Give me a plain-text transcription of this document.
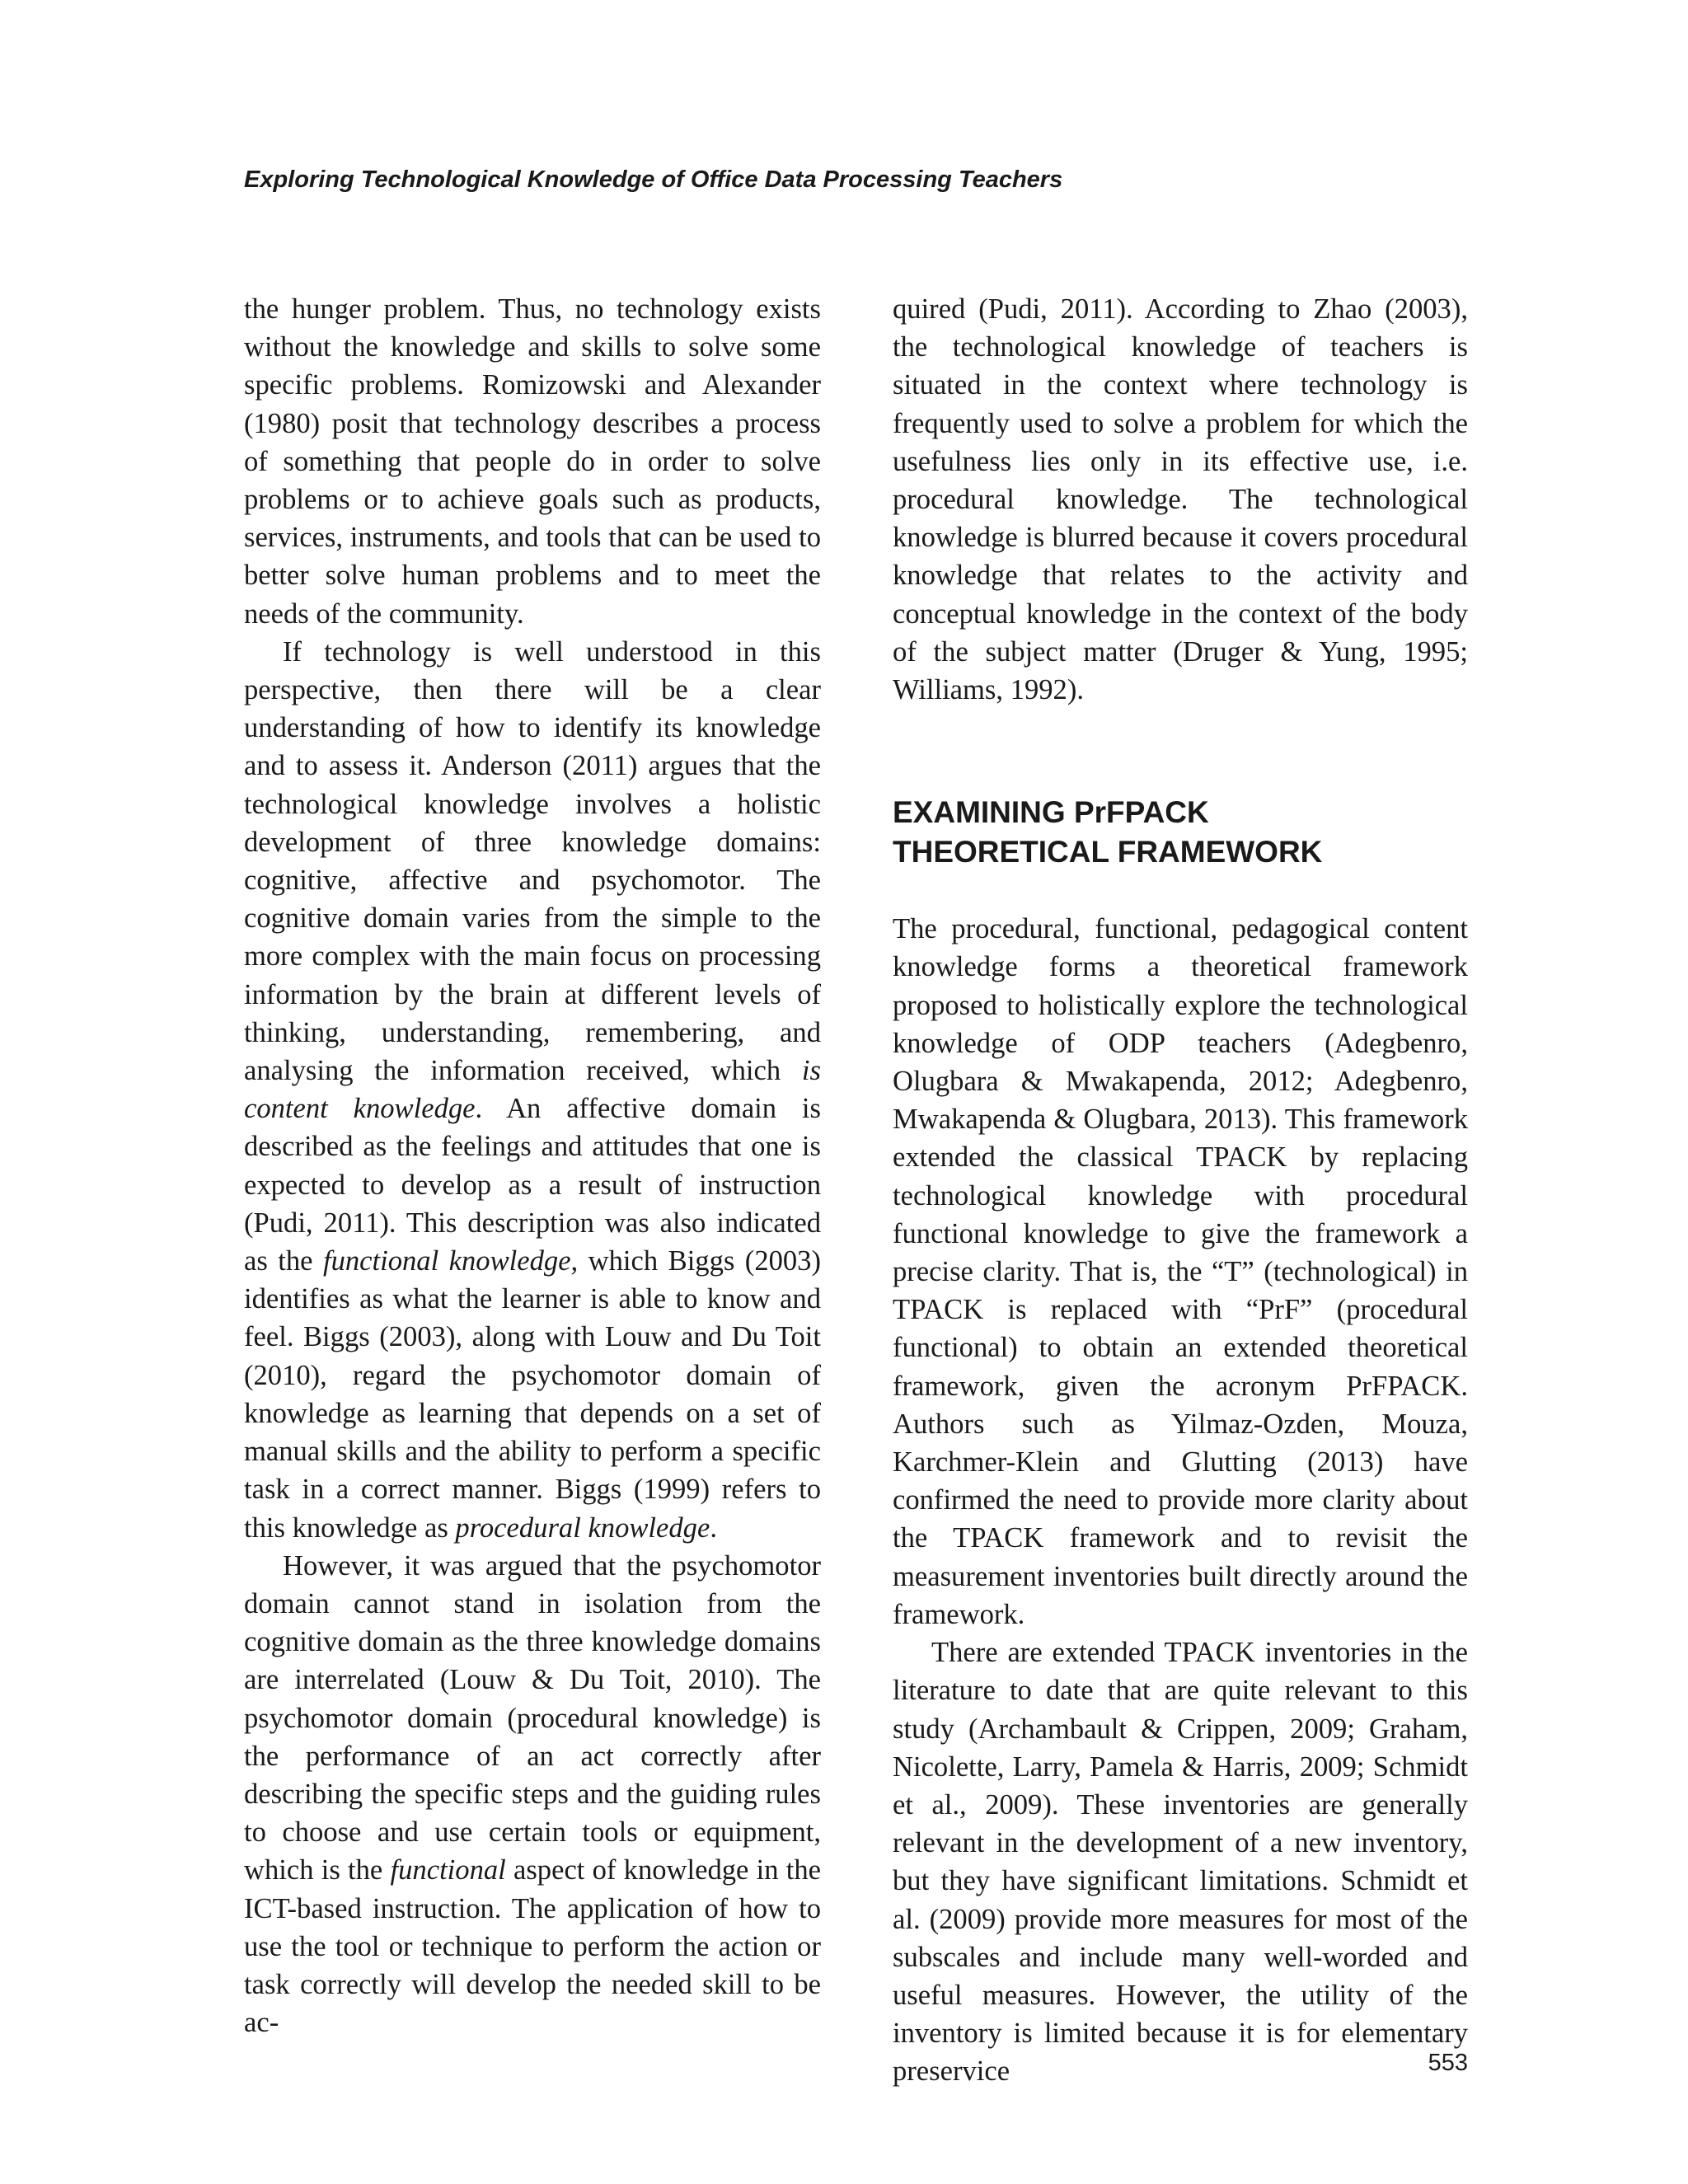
Exploring Technological Knowledge of Office Data Processing Teachers

the hunger problem. Thus, no technology exists without the knowledge and skills to solve some specific problems. Romizowski and Alexander (1980) posit that technology describes a process of something that people do in order to solve problems or to achieve goals such as products, services, instruments, and tools that can be used to better solve human problems and to meet the needs of the community.

If technology is well understood in this perspective, then there will be a clear understanding of how to identify its knowledge and to assess it. Anderson (2011) argues that the technological knowledge involves a holistic development of three knowledge domains: cognitive, affective and psychomotor. The cognitive domain varies from the simple to the more complex with the main focus on processing information by the brain at different levels of thinking, understanding, remembering, and analysing the information received, which is content knowledge. An affective domain is described as the feelings and attitudes that one is expected to develop as a result of instruction (Pudi, 2011). This description was also indicated as the functional knowledge, which Biggs (2003) identifies as what the learner is able to know and feel. Biggs (2003), along with Louw and Du Toit (2010), regard the psychomotor domain of knowledge as learning that depends on a set of manual skills and the ability to perform a specific task in a correct manner. Biggs (1999) refers to this knowledge as procedural knowledge.

However, it was argued that the psychomotor domain cannot stand in isolation from the cognitive domain as the three knowledge domains are interrelated (Louw & Du Toit, 2010). The psychomotor domain (procedural knowledge) is the performance of an act correctly after describing the specific steps and the guiding rules to choose and use certain tools or equipment, which is the functional aspect of knowledge in the ICT-based instruction. The application of how to use the tool or technique to perform the action or task correctly will develop the needed skill to be ac-

quired (Pudi, 2011). According to Zhao (2003), the technological knowledge of teachers is situated in the context where technology is frequently used to solve a problem for which the usefulness lies only in its effective use, i.e. procedural knowledge. The technological knowledge is blurred because it covers procedural knowledge that relates to the activity and conceptual knowledge in the context of the body of the subject matter (Druger & Yung, 1995; Williams, 1992).

EXAMINING PrFPACK
THEORETICAL FRAMEWORK

The procedural, functional, pedagogical content knowledge forms a theoretical framework proposed to holistically explore the technological knowledge of ODP teachers (Adegbenro, Olugbara & Mwakapenda, 2012; Adegbenro, Mwakapenda & Olugbara, 2013). This framework extended the classical TPACK by replacing technological knowledge with procedural functional knowledge to give the framework a precise clarity. That is, the “T” (technological) in TPACK is replaced with “PrF” (procedural functional) to obtain an extended theoretical framework, given the acronym PrFPACK. Authors such as Yilmaz-Ozden, Mouza, Karchmer-Klein and Glutting (2013) have confirmed the need to provide more clarity about the TPACK framework and to revisit the measurement inventories built directly around the framework.

There are extended TPACK inventories in the literature to date that are quite relevant to this study (Archambault & Crippen, 2009; Graham, Nicolette, Larry, Pamela & Harris, 2009; Schmidt et al., 2009). These inventories are generally relevant in the development of a new inventory, but they have significant limitations. Schmidt et al. (2009) provide more measures for most of the subscales and include many well-worded and useful measures. However, the utility of the inventory is limited because it is for elementary preservice	553
